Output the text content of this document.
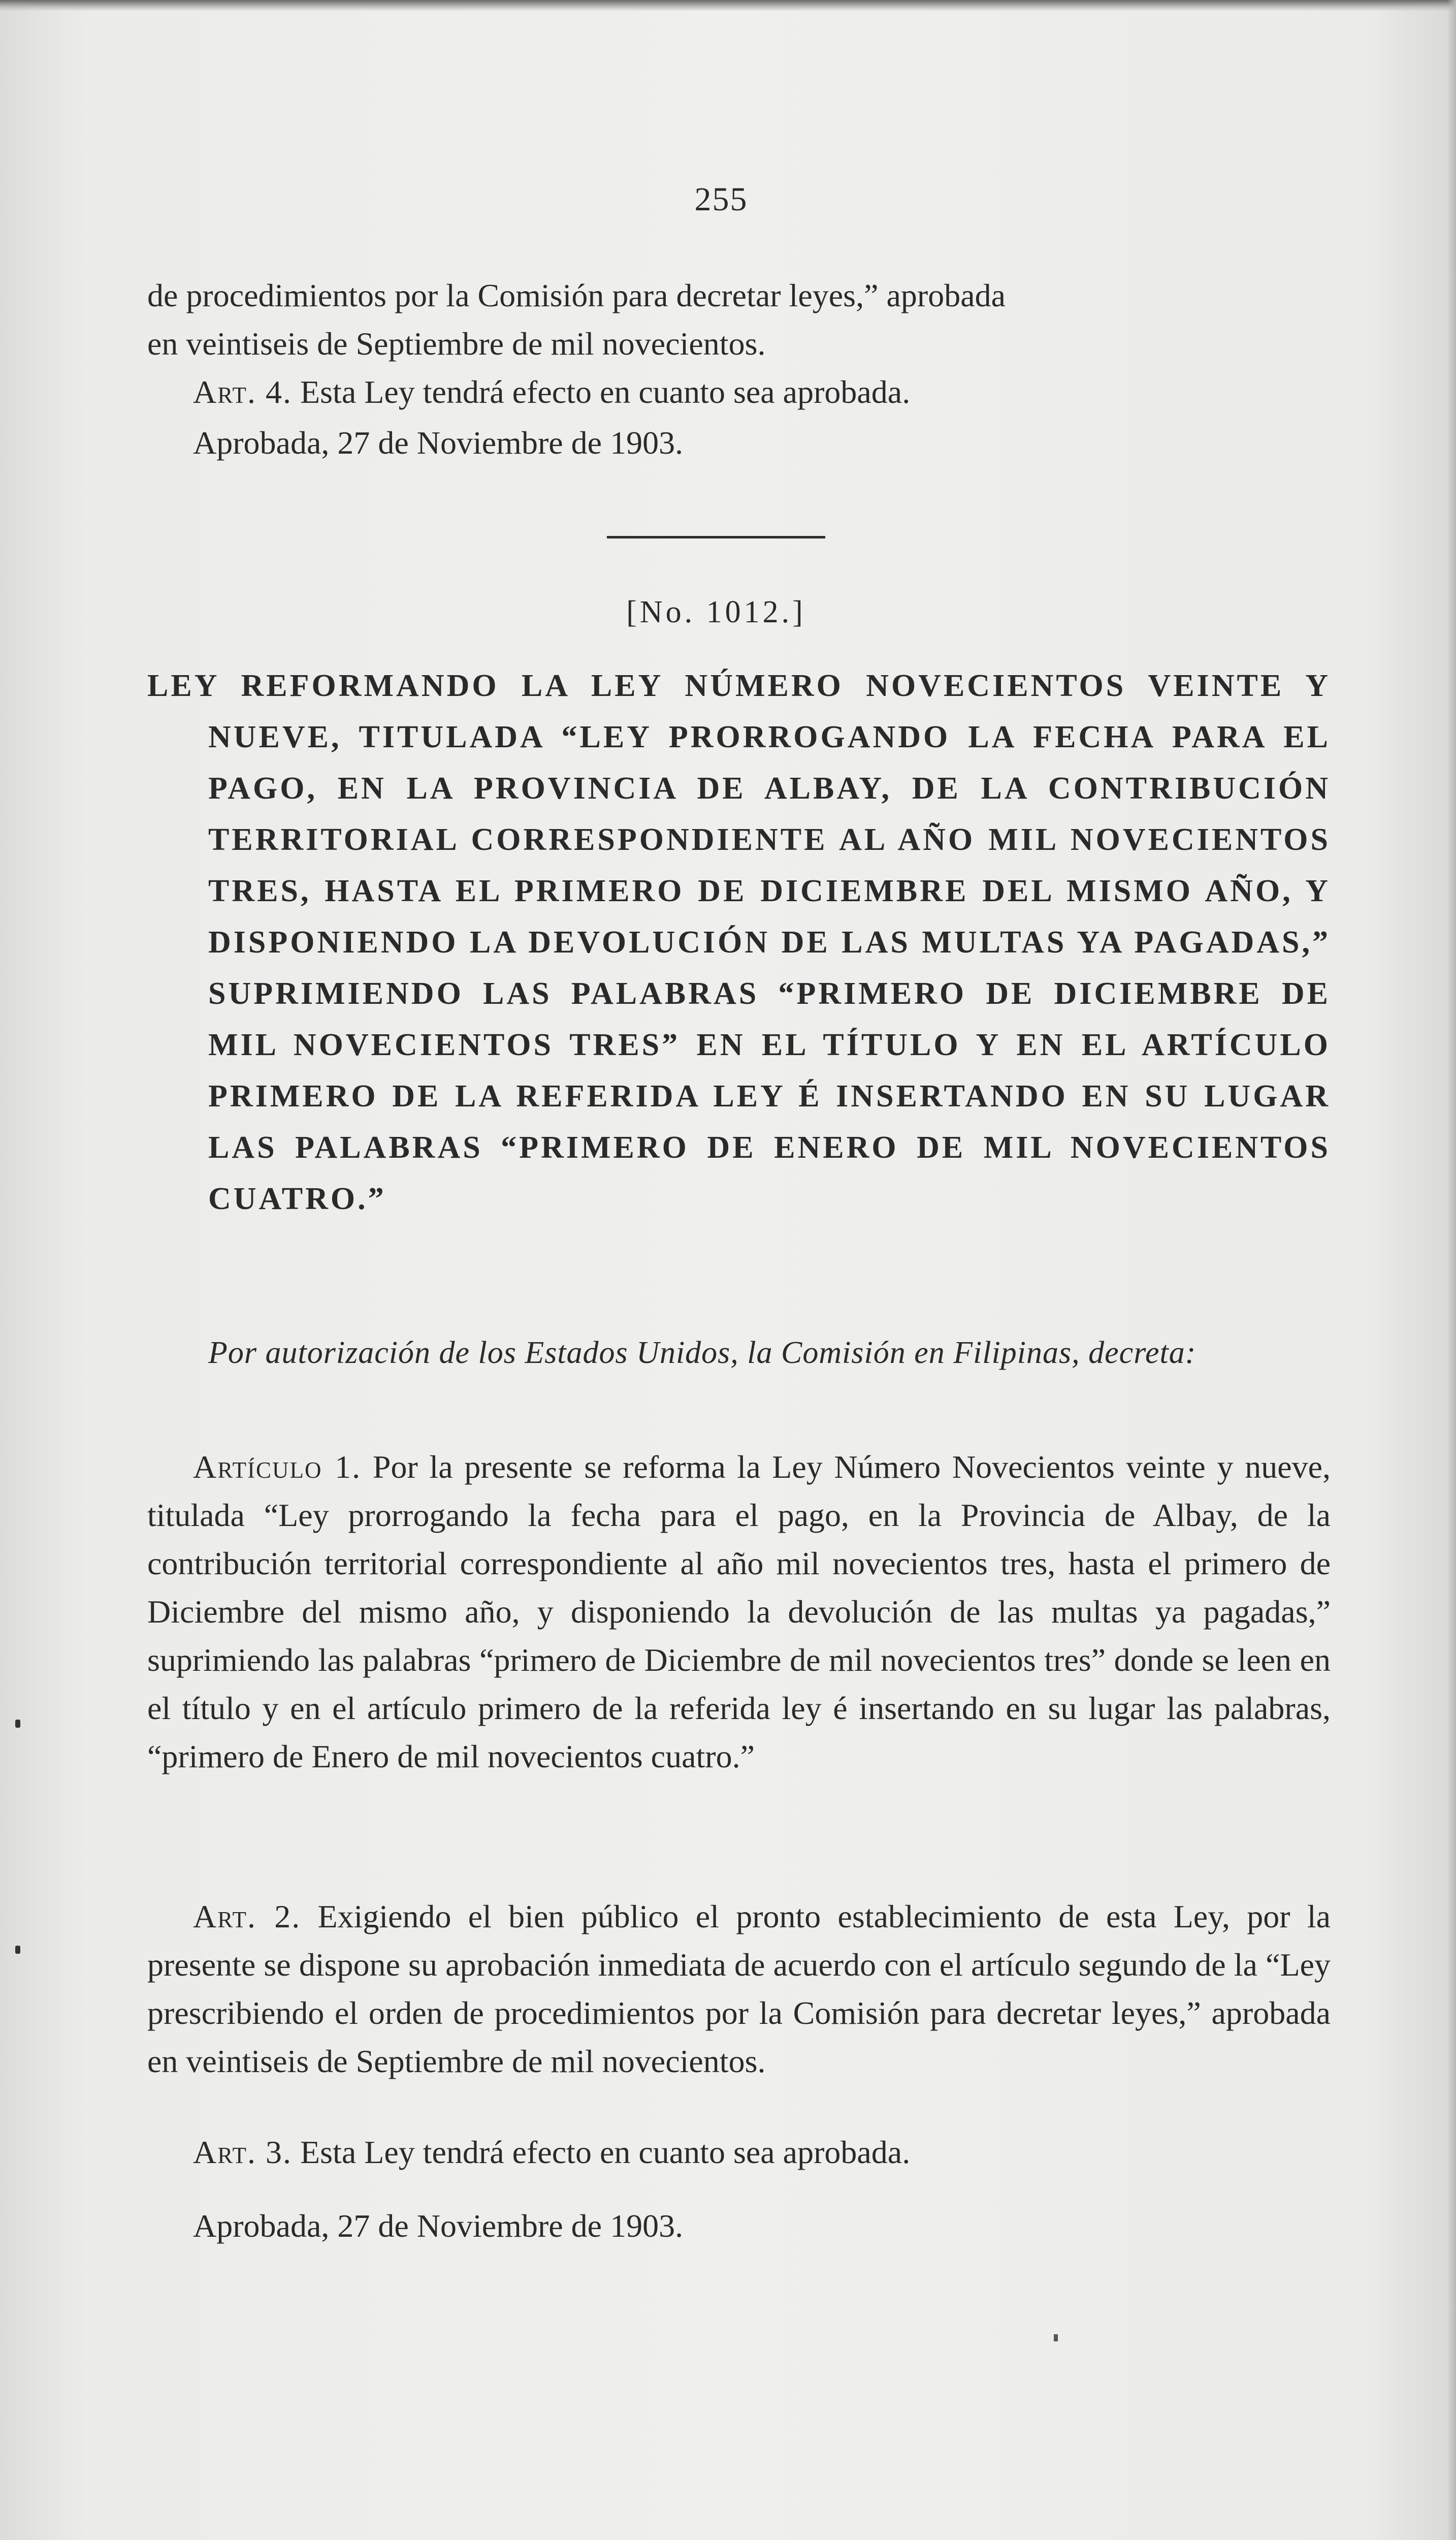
255
de procedimientos por la Comisión para decretar leyes,” aprobada
en veintiseis de Septiembre de mil novecientos.
Art. 4. Esta Ley tendrá efecto en cuanto sea aprobada.
Aprobada, 27 de Noviembre de 1903.
[No. 1012.]
LEY REFORMANDO LA LEY NÚMERO NOVECIENTOS VEINTE Y NUEVE, TITULADA “LEY PRORROGANDO LA FECHA PARA EL PAGO, EN LA PROVINCIA DE ALBAY, DE LA CONTRIBUCIÓN TERRITORIAL CORRESPONDIENTE AL AÑO MIL NOVECIENTOS TRES, HASTA EL PRIMERO DE DICIEMBRE DEL MISMO AÑO, Y DISPONIENDO LA DEVOLUCIÓN DE LAS MULTAS YA PAGADAS,” SUPRIMIENDO LAS PALABRAS “PRIMERO DE DICIEMBRE DE MIL NOVECIENTOS TRES” EN EL TÍTULO Y EN EL ARTÍCULO PRIMERO DE LA REFERIDA LEY É INSERTANDO EN SU LUGAR LAS PALABRAS “PRIMERO DE ENERO DE MIL NOVECIENTOS CUATRO.”
Por autorización de los Estados Unidos, la Comisión en Filipinas, decreta:

Artículo 1. Por la presente se reforma la Ley Número Novecientos veinte y nueve, titulada “Ley prorrogando la fecha para el pago, en la Provincia de Albay, de la contribución territorial correspondiente al año mil novecientos tres, hasta el primero de Diciembre del mismo año, y disponiendo la devolución de las multas ya pagadas,” suprimiendo las palabras “primero de Diciembre de mil novecientos tres” donde se leen en el título y en el artículo primero de la referida ley é insertando en su lugar las palabras, “primero de Enero de mil novecientos cuatro.”

Art. 2. Exigiendo el bien público el pronto establecimiento de esta Ley, por la presente se dispone su aprobación inmediata de acuerdo con el artículo segundo de la “Ley prescribiendo el orden de procedimientos por la Comisión para decretar leyes,” aprobada en veintiseis de Septiembre de mil novecientos.

Art. 3. Esta Ley tendrá efecto en cuanto sea aprobada.
Aprobada, 27 de Noviembre de 1903.
